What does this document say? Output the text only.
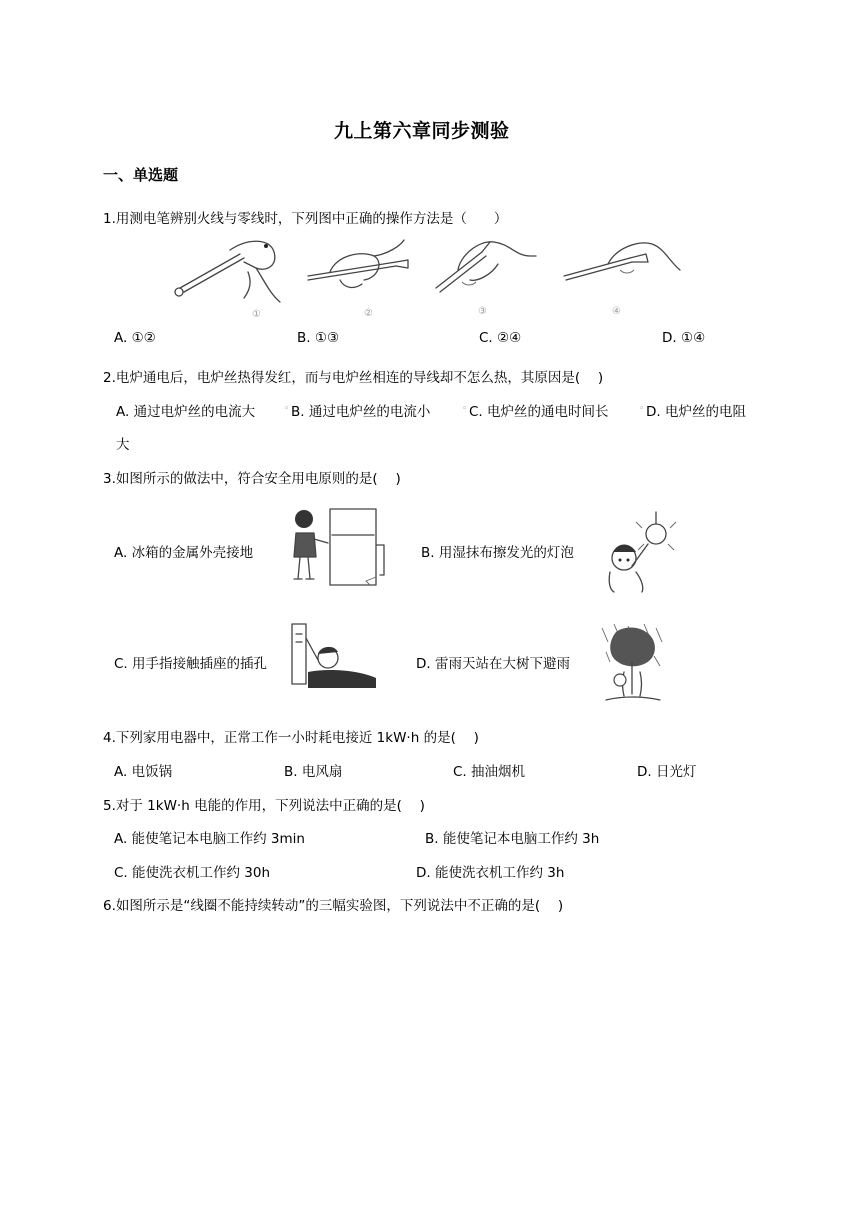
九上第六章同步测验
一、单选题
1.用测电笔辨别火线与零线时，下列图中正确的操作方法是（　　）
①	②	③	④
A. ①②	B. ①③	C. ②④	D. ①④
2.电炉通电后，电炉丝热得发红，而与电炉丝相连的导线却不怎么热，其原因是(　 )
A. 通过电炉丝的电流大	◦ B. 通过电炉丝的电流小	◦ C. 电炉丝的通电时间长	◦ D. 电炉丝的电阻
大
3.如图所示的做法中，符合安全用电原则的是(　 )
A. 冰箱的金属外壳接地	B. 用湿抹布擦发光的灯泡
C. 用手指接触插座的插孔	D. 雷雨天站在大树下避雨
4.下列家用电器中，正常工作一小时耗电接近 1kW·h 的是(　 )
A. 电饭锅	B. 电风扇	C. 抽油烟机	D. 日光灯
5.对于 1kW·h 电能的作用，下列说法中正确的是(　 )
A. 能使笔记本电脑工作约 3min	B. 能使笔记本电脑工作约 3h
C. 能使洗衣机工作约 30h	D. 能使洗衣机工作约 3h
6.如图所示是“线圈不能持续转动”的三幅实验图，下列说法中不正确的是(　 )
